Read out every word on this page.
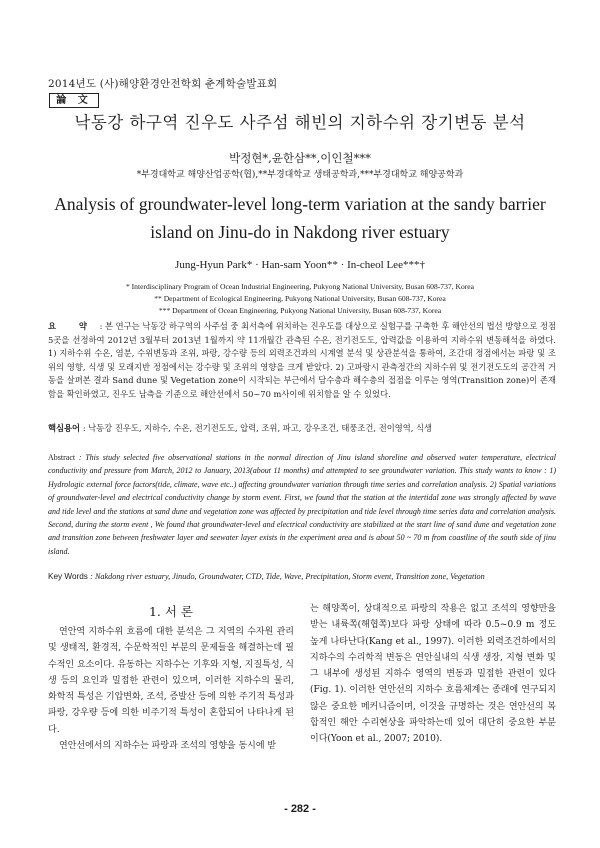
2014년도 (사)해양환경안전학회 춘계학술발표회
論 文
낙동강 하구역 진우도 사주섬 해빈의 지하수위 장기변동 분석
박정현*,윤한삼**,이인철***
*부경대학교 해양산업공학(협),**부경대학교 생태공학과,***부경대학교 해양공학과
Analysis of groundwater-level long-term variation at the sandy barrier island on Jinu-do in Nakdong river estuary
Jung-Hyun Park* · Han-sam Yoon** · In-cheol Lee***†
* Interdisciplinary Program of Ocean Industrial Engineering, Pukyong National University, Busan 608-737, Korea
** Department of Ecological Engineering, Pukyong National University, Busan 608-737, Korea
*** Department of Ocean Engineering, Pukyong National University, Busan 608-737, Korea
요 약 : 본 연구는 낙동강 하구역의 사주섬 중 최서측에 위치하는 진우도를 대상으로 실험구를 구축한 후 해안선의 법선 방향으로 정점 5곳을 선정하여 2012년 3월부터 2013년 1월까지 약 11개월간 관측된 수온, 전기전도도, 압력값을 이용하여 지하수위 변동해석을 하였다. 1) 지하수위 수온, 염분, 수위변동과 조위, 파랑, 강수량 등의 외력조건과의 시계열 분석 및 상관분석을 통하여, 조간대 정점에서는 파랑 및 조위의 영향, 식생 및 모래지반 정점에서는 강수량 및 조위의 영향을 크게 받았다. 2) 고파랑시 관측정간의 지하수위 및 전기전도도의 공간적 거동을 살펴본 결과 Sand dune 및 Vegetation zone이 시작되는 부근에서 담수층과 해수층의 접점을 이루는 영역(Transition zone)이 존재함을 확인하였고, 진우도 남측을 기준으로 해안선에서 50~70 m사이에 위치함을 알 수 있었다.
핵심용어 : 낙동강 진우도, 지하수, 수온, 전기전도도, 압력, 조위, 파고, 강우조건, 태풍조건, 전이영역, 식생
Abstract : This study selected five observational stations in the normal direction of Jinu island shoreline and observed water temperature, electrical conductivity and pressure from March, 2012 to January, 2013(about 11 months) and attempted to see groundwater variation. This study wants to know : 1) Hydrologic external force factors(tide, climate, wave etc..) affecting groundwater variation through time series and correlation analysis. 2) Spatial variations of groundwater-level and electrical conductivity change by storm event. First, we found that the station at the intertidal zone was strongly affected by wave and tide level and the stations at sand dune and vegetation zone was affected by precipitation and tide level through time series data and correlation analysis. Second, during the storm event , We found that groundwater-level and electrical conductivity are stabilized at the start line of sand dune and vegetation zone and transition zone between freshwater layer and seewater layer exists in the experiment area and is about 50 ~ 70 m from coastline of the south side of jinu island.
Key Words : Nakdong river estuary, Jinudo, Groundwater, CTD, Tide, Wave, Precipitation, Storm event, Transition zone, Vegetation
1. 서 론

연안역 지하수위 흐름에 대한 분석은 그 지역의 수자원 관리 및 생태적, 환경적, 수문학적인 부분의 문제들을 해결하는데 필수적인 요소이다. 유동하는 지하수는 기후와 지형, 지질특성, 식생 등의 요인과 밀접한 관련이 있으며, 이러한 지하수의 물리, 화학적 특성은 기압변화, 조석, 증발산 등에 의한 주기적 특성과 파랑, 강우량 등에 의한 비주기적 특성이 혼합되어 나타나게 된다.

연안선에서의 지하수는 파랑과 조석의 영향을 동시에 받

는 해양쪽이, 상대적으로 파랑의 작용은 없고 조석의 영향만을 받는 내륙쪽(해협쪽)보다 파랑 상태에 따라 0.5~0.9 m 정도 높게 나타난다(Kang et al., 1997). 이러한 외력조건하에서의 지하수의 수리학적 변동은 연안실내의 식생 생장, 지형 변화 및 그 내부에 생성된 지하수 영역의 변동과 밀접한 관련이 있다(Fig. 1). 이러한 연안선의 지하수 흐름체계는 종래에 연구되지 않은 중요한 메커니즘이며, 이것을 규명하는 것은 연안선의 복합적인 해안 수리현상을 파악하는데 있어 대단히 중요한 부분이다(Yoon et al., 2007; 2010).

- 282 -
